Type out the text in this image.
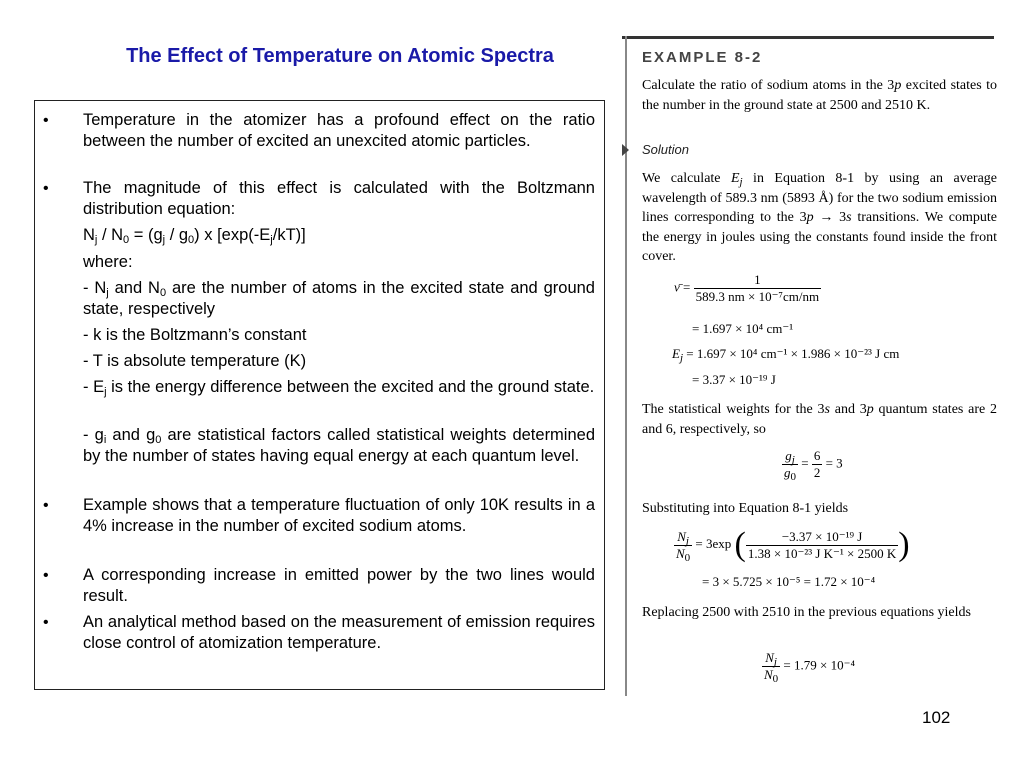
The Effect of Temperature on Atomic Spectra
• Temperature in the atomizer has a profound effect on the ratio between the number of excited an unexcited atomic particles.
• The magnitude of this effect is calculated with the Boltzmann distribution equation:
$N_j / N_0 = (g_j / g_0)$ x $[\exp(-E_j/kT)]$
where:
- $N_j$ and $N_0$ are the number of atoms in the excited state and ground state, respectively
- k is the Boltzmann’s constant
- T is absolute temperature (K)
- $E_j$ is the energy difference between the excited and the ground state.
- $g_i$ and $g_0$ are statistical factors called statistical weights determined by the number of states having equal energy at each quantum level.
• Example shows that a temperature fluctuation of only 10K results in a 4% increase in the number of excited sodium atoms.
• A corresponding increase in emitted power by the two lines would result.
• An analytical method based on the measurement of emission requires close control of atomization temperature.
EXAMPLE 8-2
Calculate the ratio of sodium atoms in the 3p excited states to the number in the ground state at 2500 and 2510 K.
Solution
We calculate $E_j$ in Equation 8-1 by using an average wavelength of 589.3 nm (5893 Å) for the two sodium emission lines corresponding to the 3p → 3s transitions. We compute the energy in joules using the constants found inside the front cover.
ν̄ = $\frac{1}{\text{589.3 nm × 10⁻⁷cm/nm}}$
= 1.697 × 10⁴ cm⁻¹
$E_j = 1.697 \times 10^4$ cm⁻¹ × 1.986 × 10⁻²³ J cm
= 3.37 × 10⁻¹⁹ J
The statistical weights for the 3s and 3p quantum states are 2 and 6, respectively, so
$\frac{g_j}{g_0} = \frac{6}{2} = 3$
Substituting into Equation 8-1 yields
$\frac{N_j}{N_0} = 3\exp$ ( $\frac{\text{−3.37 × 10⁻¹⁹ J}}{\text{1.38 × 10⁻²³ J K⁻¹ × 2500 K}}$ )
= 3 × 5.725 × 10⁻⁵ = 1.72 × 10⁻⁴
Replacing 2500 with 2510 in the previous equations yields
$\frac{N_j}{N_0} = 1.79 \times 10^{-4}$
102
